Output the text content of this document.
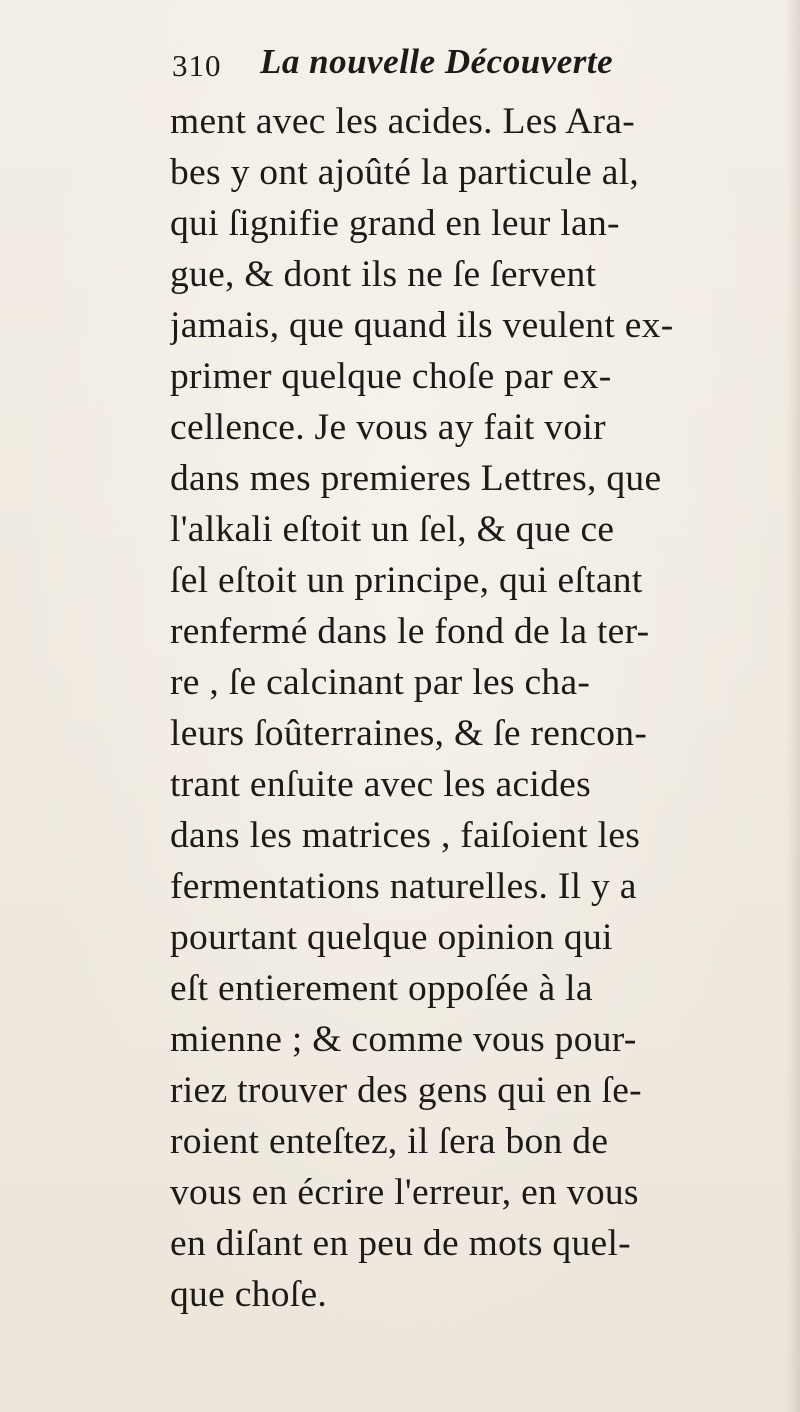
310 La nouvelle Découverte
ment avec les acides. Les Ara-
bes y ont ajoûté la particule al,
qui ſignifie grand en leur lan-
gue, & dont ils ne ſe ſervent
jamais, que quand ils veulent ex-
primer quelque choſe par ex-
cellence. Je vous ay fait voir
dans mes premieres Lettres, que
l'alkali eſtoit un ſel, & que ce
ſel eſtoit un principe, qui eſtant
renfermé dans le fond de la ter-
re , ſe calcinant par les cha-
leurs ſoûterraines, & ſe rencon-
trant enſuite avec les acides
dans les matrices , faiſoient les
fermentations naturelles. Il y a
pourtant quelque opinion qui
eſt entierement oppoſée à la
mienne ; & comme vous pour-
riez trouver des gens qui en ſe-
roient enteſtez, il ſera bon de
vous en écrire l'erreur, en vous
en diſant en peu de mots quel-
que choſe.
